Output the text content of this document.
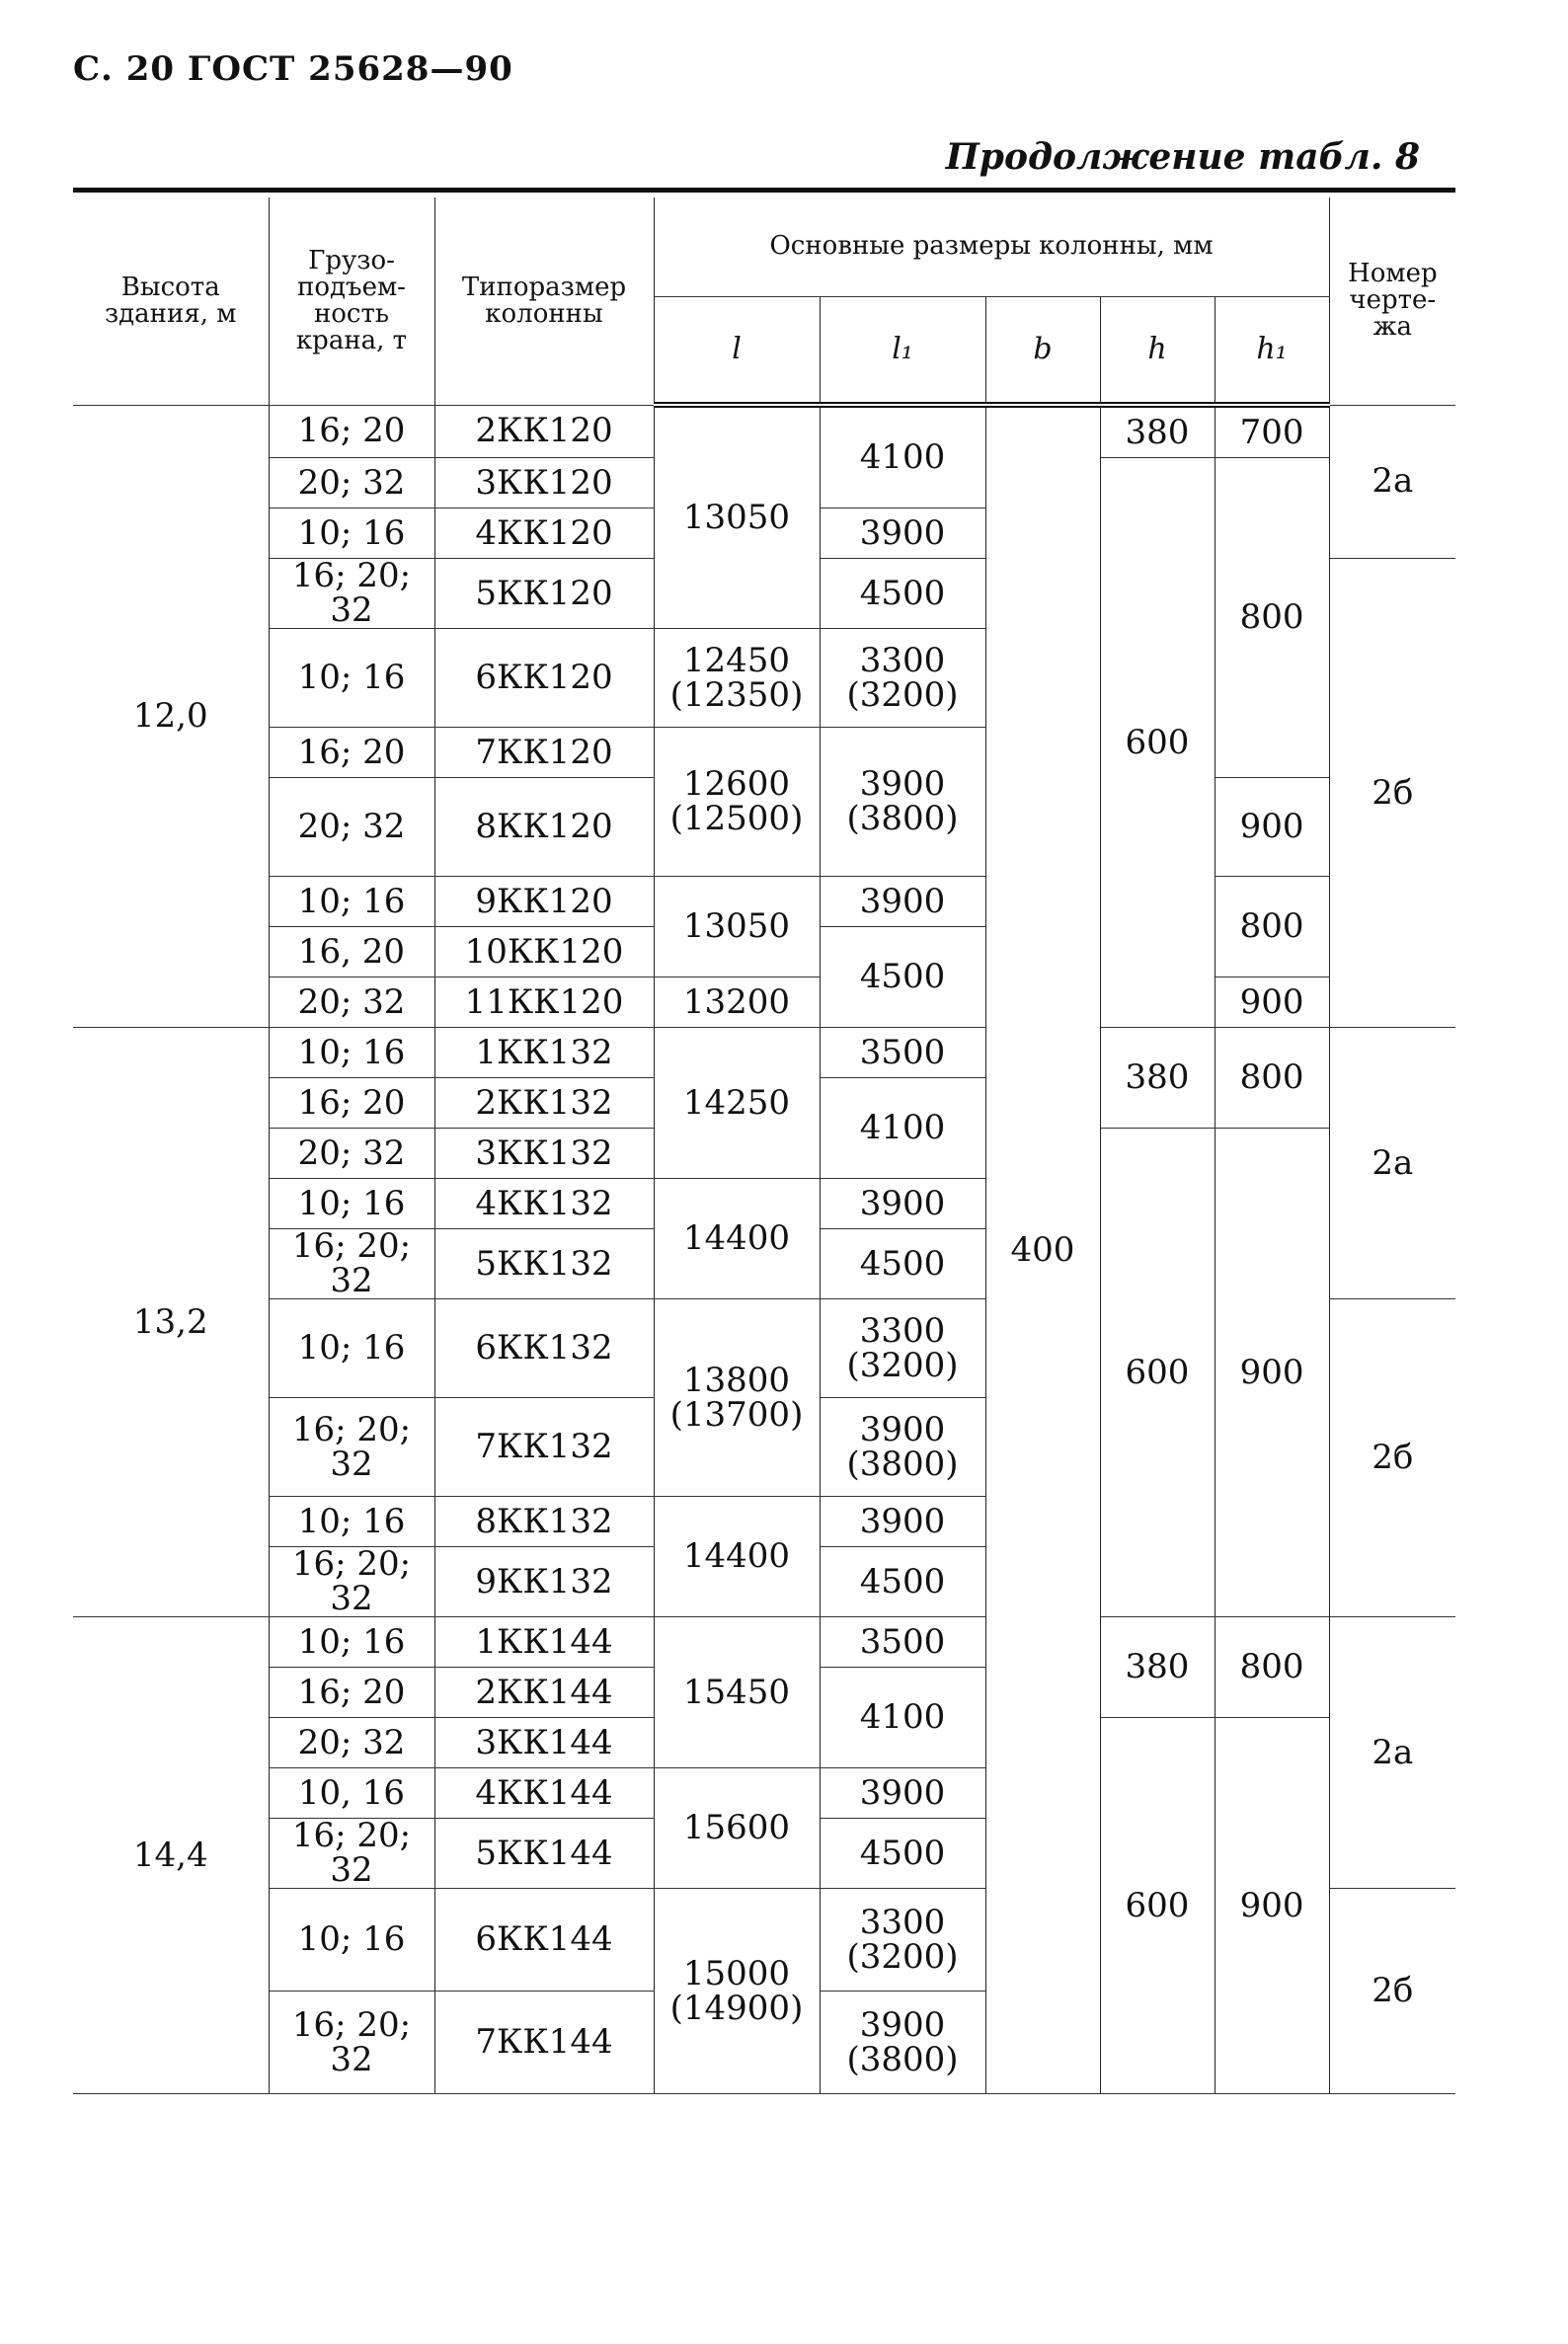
С. 20 ГОСТ 25628—90
Продолжение табл. 8
Высота здания, м	Грузо-подъем-ность крана, т	Типоразмер колонны	Основные размеры колонны, мм					Номер черте-жа
			l	l₁	b	h	h₁	
12,0	16; 20	2КК120	13050	4100	400	380	700	2а
	20; 32	3КК120				600	800	
	10; 16	4КК120		3900				
	16; 20; 32	5КК120		4500				2б
	10; 16	6КК120	12450 (12350)	3300 (3200)				
	16; 20	7КК120	12600 (12500)	3900 (3800)				
	20; 32	8КК120					900	
	10; 16	9КК120	13050	3900			800	
	16, 20	10КК120		4500				
	20; 32	11КК120	13200				900	
13,2	10; 16	1КК132	14250	3500		380	800	2а
	16; 20	2КК132		4100				
	20; 32	3КК132				600	900	
	10; 16	4КК132	14400	3900				
	16; 20; 32	5КК132		4500				
	10; 16	6КК132	13800 (13700)	3300 (3200)				2б
	16; 20; 32	7КК132		3900 (3800)				
	10; 16	8КК132	14400	3900				
	16; 20; 32	9КК132		4500				
14,4	10; 16	1КК144	15450	3500		380	800	2а
	16; 20	2КК144		4100				
	20; 32	3КК144				600	900	
	10, 16	4КК144	15600	3900				
	16; 20; 32	5КК144		4500				
	10; 16	6КК144	15000 (14900)	3300 (3200)				2б
	16; 20; 32	7КК144		3900 (3800)				
